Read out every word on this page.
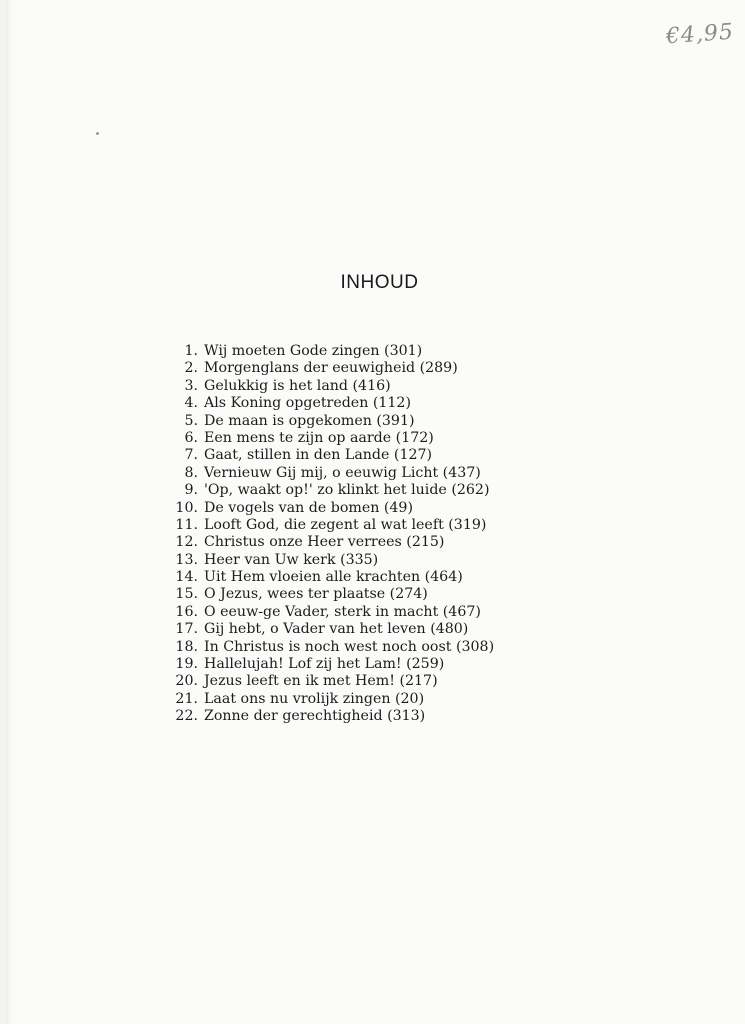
€4,95
INHOUD
1. Wij moeten Gode zingen (301)
2. Morgenglans der eeuwigheid (289)
3. Gelukkig is het land (416)
4. Als Koning opgetreden (112)
5. De maan is opgekomen (391)
6. Een mens te zijn op aarde (172)
7. Gaat, stillen in den Lande (127)
8. Vernieuw Gij mij, o eeuwig Licht (437)
9. 'Op, waakt op!' zo klinkt het luide (262)
10. De vogels van de bomen (49)
11. Looft God, die zegent al wat leeft (319)
12. Christus onze Heer verrees (215)
13. Heer van Uw kerk (335)
14. Uit Hem vloeien alle krachten (464)
15. O Jezus, wees ter plaatse (274)
16. O eeuw-ge Vader, sterk in macht (467)
17. Gij hebt, o Vader van het leven (480)
18. In Christus is noch west noch oost (308)
19. Hallelujah! Lof zij het Lam! (259)
20. Jezus leeft en ik met Hem! (217)
21. Laat ons nu vrolijk zingen (20)
22. Zonne der gerechtigheid (313)
